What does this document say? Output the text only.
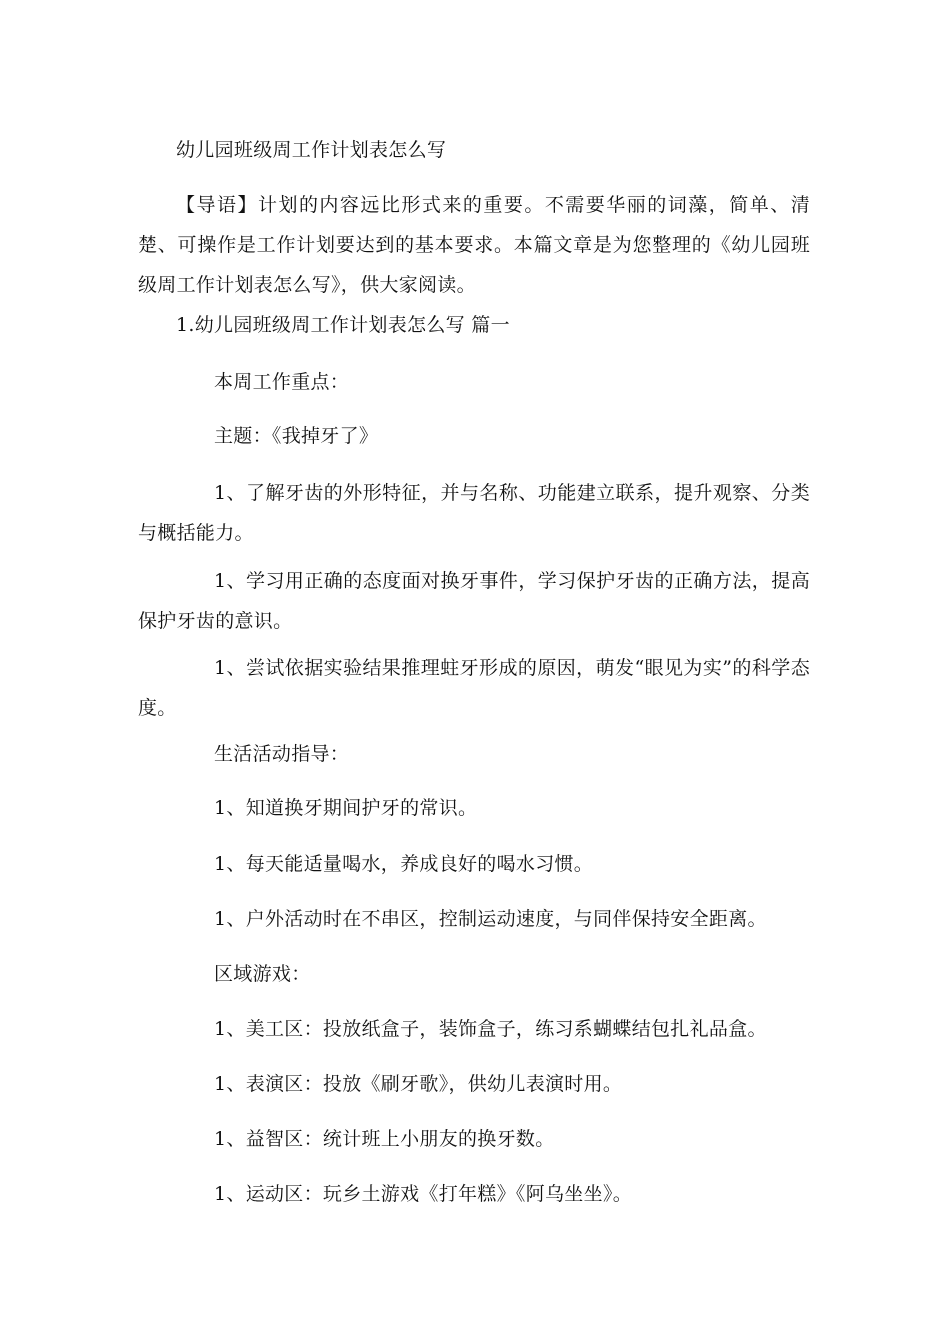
幼儿园班级周工作计划表怎么写
【导语】计划的内容远比形式来的重要。不需要华丽的词藻，简单、清楚、可操作是工作计划要达到的基本要求。本篇文章是为您整理的《幼儿园班级周工作计划表怎么写》，供大家阅读。
1.幼儿园班级周工作计划表怎么写 篇一
本周工作重点：
主题：《我掉牙了》
1、了解牙齿的外形特征，并与名称、功能建立联系，提升观察、分类与概括能力。
1、学习用正确的态度面对换牙事件，学习保护牙齿的正确方法，提高保护牙齿的意识。
1、尝试依据实验结果推理蛀牙形成的原因，萌发“眼见为实”的科学态度。
生活活动指导：
1、知道换牙期间护牙的常识。
1、每天能适量喝水，养成良好的喝水习惯。
1、户外活动时在不串区，控制运动速度，与同伴保持安全距离。
区域游戏：
1、美工区：投放纸盒子，装饰盒子，练习系蝴蝶结包扎礼品盒。
1、表演区：投放《刷牙歌》，供幼儿表演时用。
1、益智区：统计班上小朋友的换牙数。
1、运动区：玩乡土游戏《打年糕》《阿乌坐坐》。
